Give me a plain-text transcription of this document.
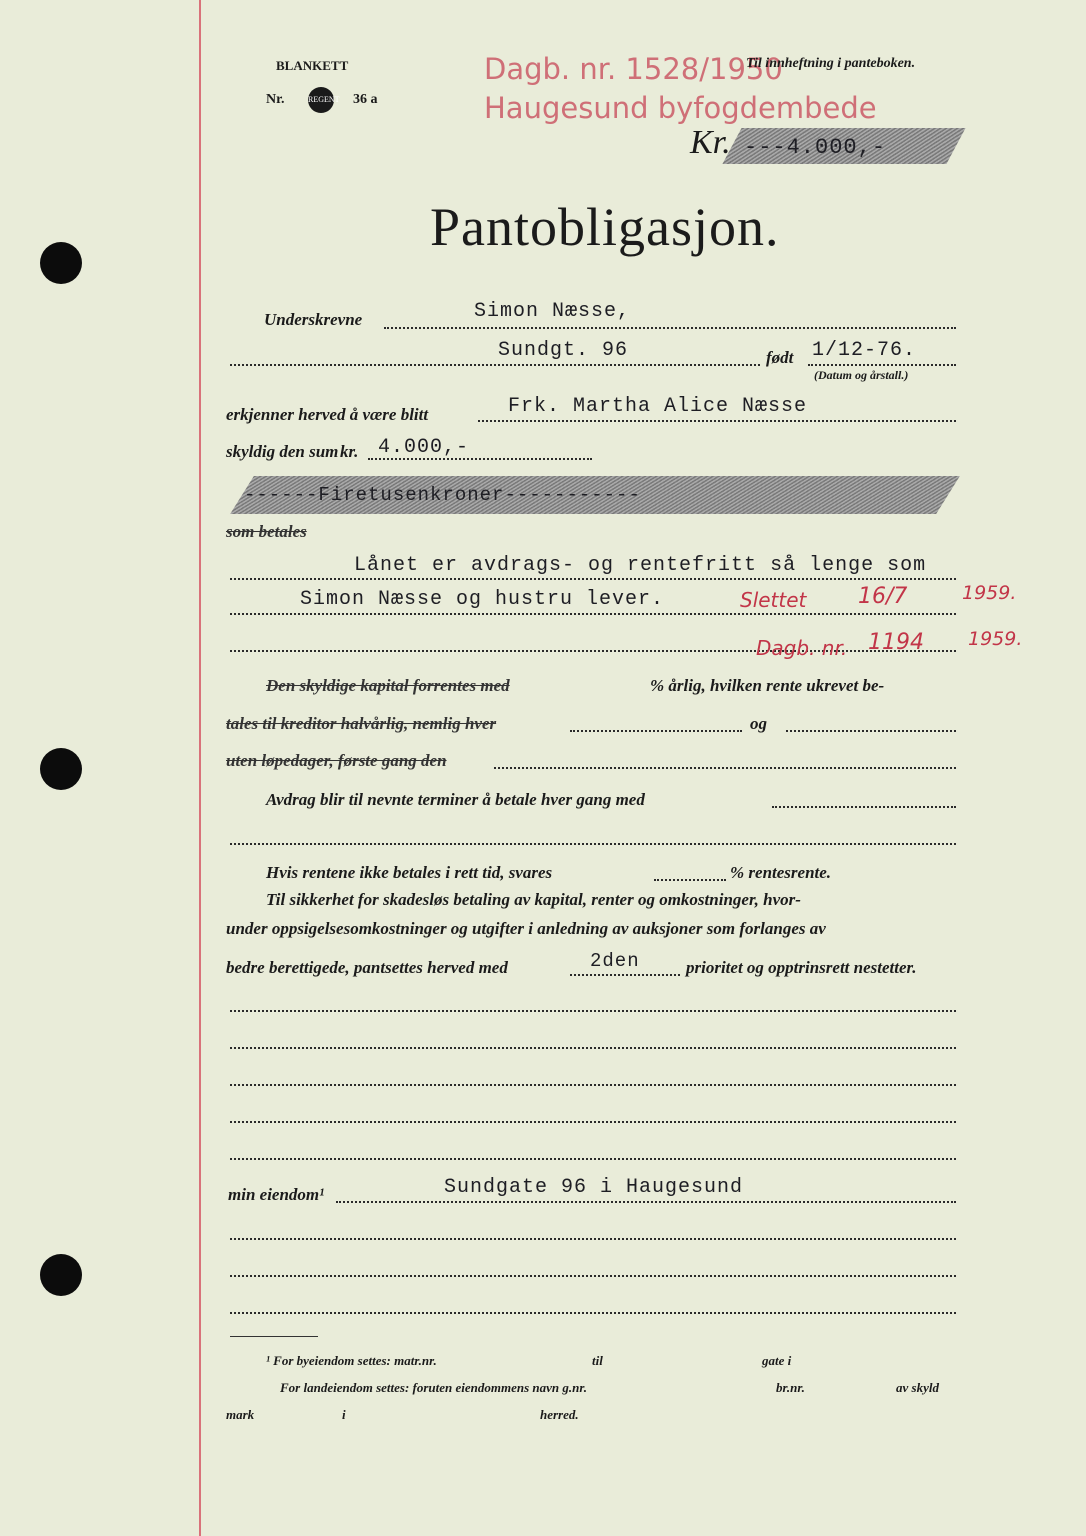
BLANKETT
Nr.	REGENT 36 a
Dagb. nr. 1528/1950
Haugesund byfogdembede
Til innheftning i panteboken.
Kr. ---4.000,-
Pantobligasjon.
Underskrevne	Simon Næsse,
Sundgt. 96	født 1/12-76.
(Datum og årstall.)
erkjenner herved å være blitt	Frk. Martha Alice Næsse
skyldig den sum kr. 4.000,-
------Firetusenkroner-----------
som betales
Lånet er avdrags- og rentefritt så lenge som
Simon Næsse og hustru lever.	Slettet 16/7	1959.
Dagb. nr. 1194 1959.
Den skyldige kapital forrentes med	% årlig, hvilken rente ukrevet be-
tales til kreditor halvårlig, nemlig hver	og
uten løpedager, første gang den
Avdrag blir til nevnte terminer å betale hver gang med
Hvis rentene ikke betales i rett tid, svares	% rentesrente.
Til sikkerhet for skadesløs betaling av kapital, renter og omkostninger, hvor-
under oppsigelsesomkostninger og utgifter i anledning av auksjoner som forlanges av
bedre berettigede, pantsettes herved med	2den	prioritet og opptrinsrett nestetter.
min eiendom¹	Sundgate 96 i Haugesund
¹ For byeiendom settes: matr.nr.	til	gate i
For landeiendom settes: foruten eiendommens navn g.nr.	br.nr.	av skyld
mark	i	herred.
